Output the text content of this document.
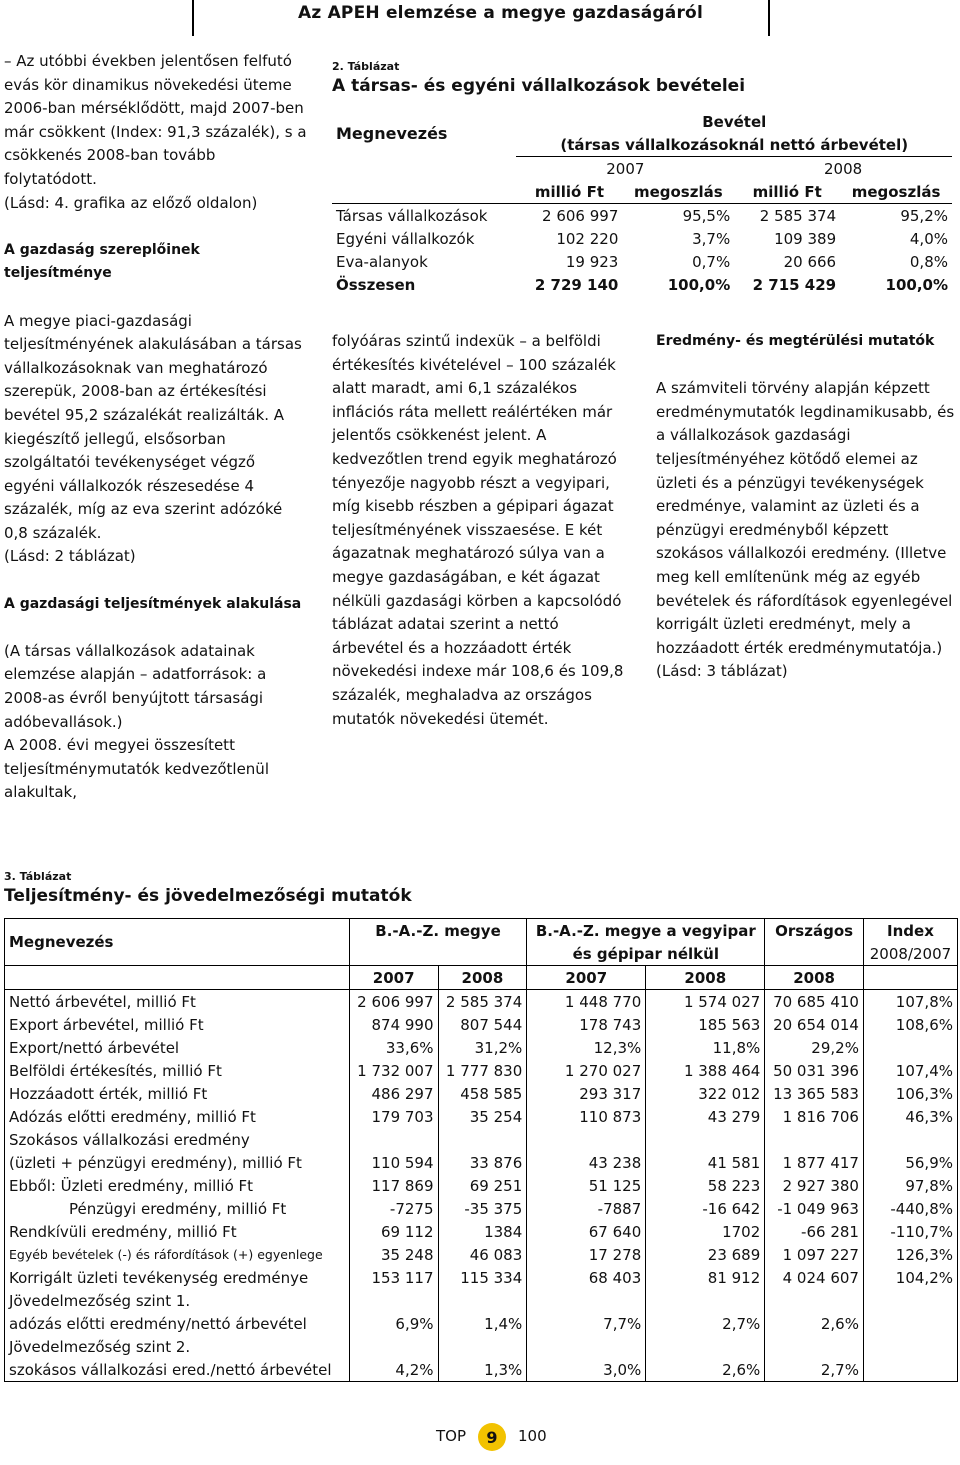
Az APEH elemzése a megye gazdaságáról

– Az utóbbi években jelentősen felfutó evás kör dinamikus növekedési üteme 2006-ban mérséklődött, majd 2007-ben már csökkent (Index: 91,3 százalék), s a csökkenés 2008-ban tovább folytatódott.

(Lásd: 4. grafika az előző oldalon)

A gazdaság szereplőinek teljesítménye

A megye piaci-gazdasági teljesítményének alakulásában a társas vállalkozásoknak van meghatározó szerepük, 2008-ban az értékesítési bevétel 95,2 százalékát realizálták. A kiegészítő jellegű, elsősorban szolgáltatói tevékenységet végző egyéni vállalkozók részesedése 4 százalék, míg az eva szerint adózóké 0,8 százalék.

(Lásd: 2 táblázat)

A gazdasági teljesítmények alakulása

(A társas vállalkozások adatainak elemzése alapján – adatforrások: a 2008-as évről benyújtott társasági adóbevallások.)

A 2008. évi megyei összesített teljesítménymutatók kedvezőtlenül alakultak,

2. Táblázat
A társas- és egyéni vállalkozások bevételei
Megnevezés	Bevétel			
	(társas vállalkozásoknál nettó árbevétel)			
	2007		2008	
	millió Ft	megoszlás	millió Ft	megoszlás
Társas vállalkozások	2 606 997	95,5%	2 585 374	95,2%
Egyéni vállalkozók	102 220	3,7%	109 389	4,0%
Eva-alanyok	19 923	0,7%	20 666	0,8%
Összesen	2 729 140	100,0%	2 715 429	100,0%

folyóáras szintű indexük – a belföldi értékesítés kivételével – 100 százalék alatt maradt, ami 6,1 százalékos inflációs ráta mellett reálértéken már jelentős csökkenést jelent. A kedvezőtlen trend egyik meghatározó tényezője nagyobb részt a vegyipari, míg kisebb részben a gépipari ágazat teljesítményének visszaesése. E két ágazatnak meghatározó súlya van a megye gazdaságában, e két ágazat nélküli gazdasági körben a kapcsolódó táblázat adatai szerint a nettó árbevétel és a hozzáadott érték növekedési indexe már 108,6 és 109,8 százalék, meghaladva az országos mutatók növekedési ütemét.

Eredmény- és megtérülési mutatók

A számviteli törvény alapján képzett eredménymutatók legdinamikusabb, és a vállalkozások gazdasági teljesítményéhez kötődő elemei az üzleti és a pénzügyi tevékenységek eredménye, valamint az üzleti és a pénzügyi eredményből képzett szokásos vállalkozói eredmény. (Illetve meg kell említenünk még az egyéb bevételek és ráfordítások egyenlegével korrigált üzleti eredményt, mely a hozzáadott érték eredménymutatója.)

(Lásd: 3 táblázat)

3. Táblázat
Teljesítmény- és jövedelmezőségi mutatók
Megnevezés	B.-A.-Z. megye		B.-A.-Z. megye a vegyipar		Országos	Index
			és gépipar nélkül			2008/2007
	2007	2008	2007	2008	2008	
Nettó árbevétel, millió Ft	2 606 997	2 585 374	1 448 770	1 574 027	70 685 410	107,8%
Export árbevétel, millió Ft	874 990	807 544	178 743	185 563	20 654 014	108,6%
Export/nettó árbevétel	33,6%	31,2%	12,3%	11,8%	29,2%	
Belföldi értékesítés, millió Ft	1 732 007	1 777 830	1 270 027	1 388 464	50 031 396	107,4%
Hozzáadott érték, millió Ft	486 297	458 585	293 317	322 012	13 365 583	106,3%
Adózás előtti eredmény, millió Ft	179 703	35 254	110 873	43 279	1 816 706	46,3%
Szokásos vállalkozási eredmény						
(üzleti + pénzügyi eredmény), millió Ft	110 594	33 876	43 238	41 581	1 877 417	56,9%
Ebből: Üzleti eredmény, millió Ft	117 869	69 251	51 125	58 223	2 927 380	97,8%
Pénzügyi eredmény, millió Ft	-7275	-35 375	-7887	-16 642	-1 049 963	-440,8%
Rendkívüli eredmény, millió Ft	69 112	1384	67 640	1702	-66 281	-110,7%
Egyéb bevételek (-) és ráfordítások (+) egyenlege	35 248	46 083	17 278	23 689	1 097 227	126,3%
Korrigált üzleti tevékenység eredménye	153 117	115 334	68 403	81 912	4 024 607	104,2%
Jövedelmezőség szint 1.						
adózás előtti eredmény/nettó árbevétel	6,9%	1,4%	7,7%	2,7%	2,6%	
Jövedelmezőség szint 2.						
szokásos vállalkozási ered./nettó árbevétel	4,2%	1,3%	3,0%	2,6%	2,7%	
TOP	9	100
